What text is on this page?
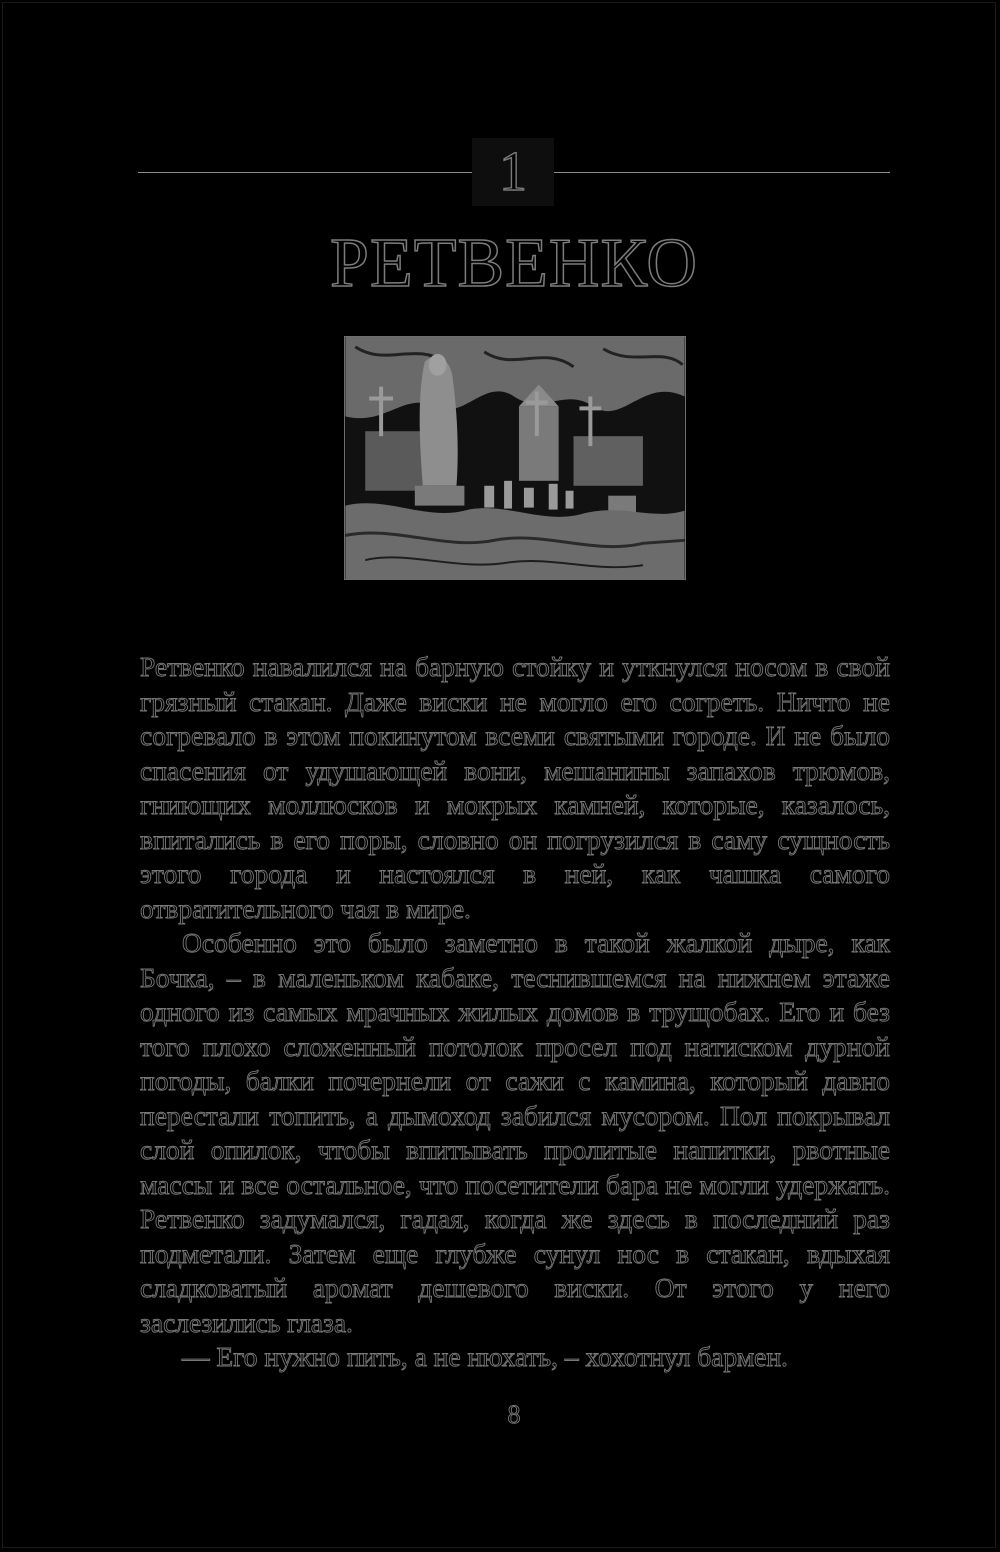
1
РЕТВЕНКО

Ретвенко навалился на барную стойку и уткнулся носом в свой грязный стакан. Даже виски не могло его согреть. Ничто не согревало в этом покинутом всеми святыми городе. И не было спасения от удушающей вони, мешанины запахов трюмов, гниющих моллюсков и мокрых камней, которые, казалось, впитались в его поры, словно он погрузился в саму сущность этого города и настоялся в ней, как чашка самого отвратительного чая в мире.

Особенно это было заметно в такой жалкой дыре, как Бочка, – в маленьком кабаке, теснившемся на нижнем этаже одного из самых мрачных жилых домов в трущобах. Его и без того плохо сложенный потолок просел под натиском дурной погоды, балки почернели от сажи с камина, который давно перестали топить, а дымоход забился мусором. Пол покрывал слой опилок, чтобы впитывать пролитые напитки, рвотные массы и все остальное, что посетители бара не могли удержать. Ретвенко задумался, гадая, когда же здесь в последний раз подметали. Затем еще глубже сунул нос в стакан, вдыхая сладковатый аромат дешевого виски. От этого у него заслезились глаза.

— Его нужно пить, а не нюхать, – хохотнул бармен.

8
